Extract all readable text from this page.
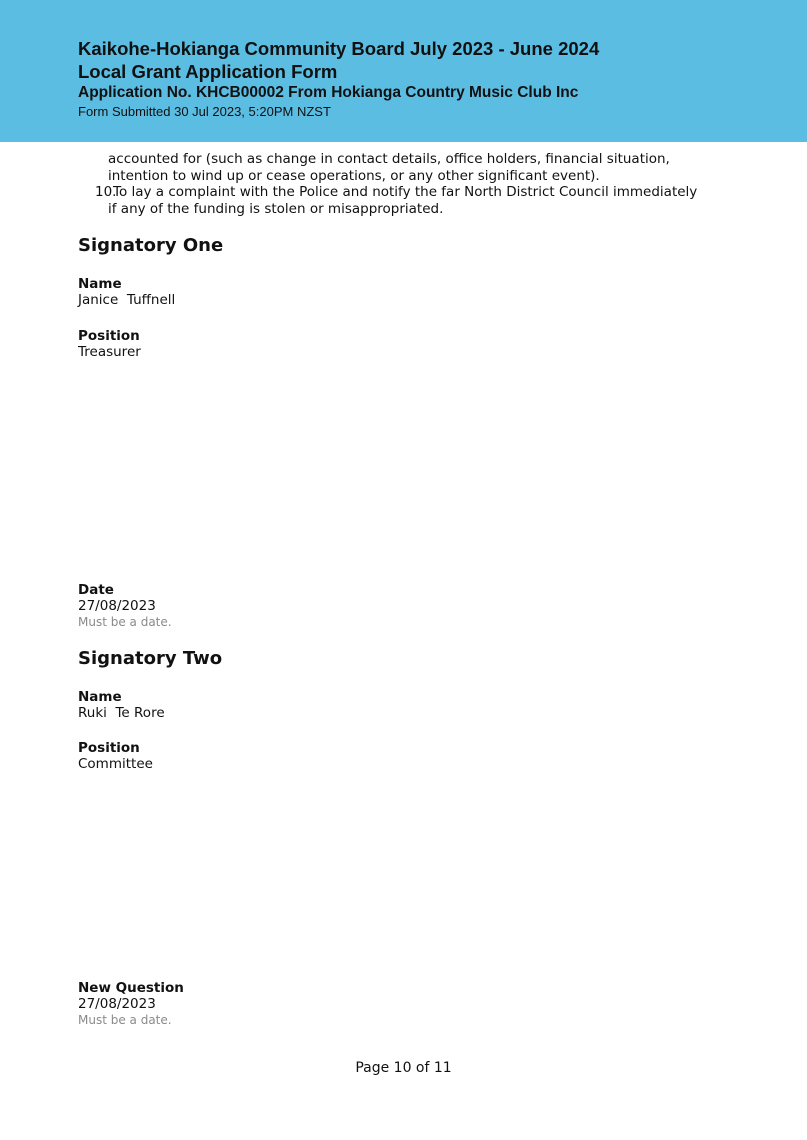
Kaikohe-Hokianga Community Board July 2023 - June 2024
Local Grant Application Form
Application No. KHCB00002 From Hokianga Country Music Club Inc
Form Submitted 30 Jul 2023, 5:20PM NZST
accounted for (such as change in contact details, office holders, financial situation,
intention to wind up or cease operations, or any other significant event).
10.
To lay a complaint with the Police and notify the far North District Council immediately
if any of the funding is stolen or misappropriated.
Signatory One
Name
Janice  Tuffnell
Position
Treasurer
Date
27/08/2023
Must be a date.
Signatory Two
Name
Ruki  Te Rore
Position
Committee
New Question
27/08/2023
Must be a date.
Page 10 of 11
